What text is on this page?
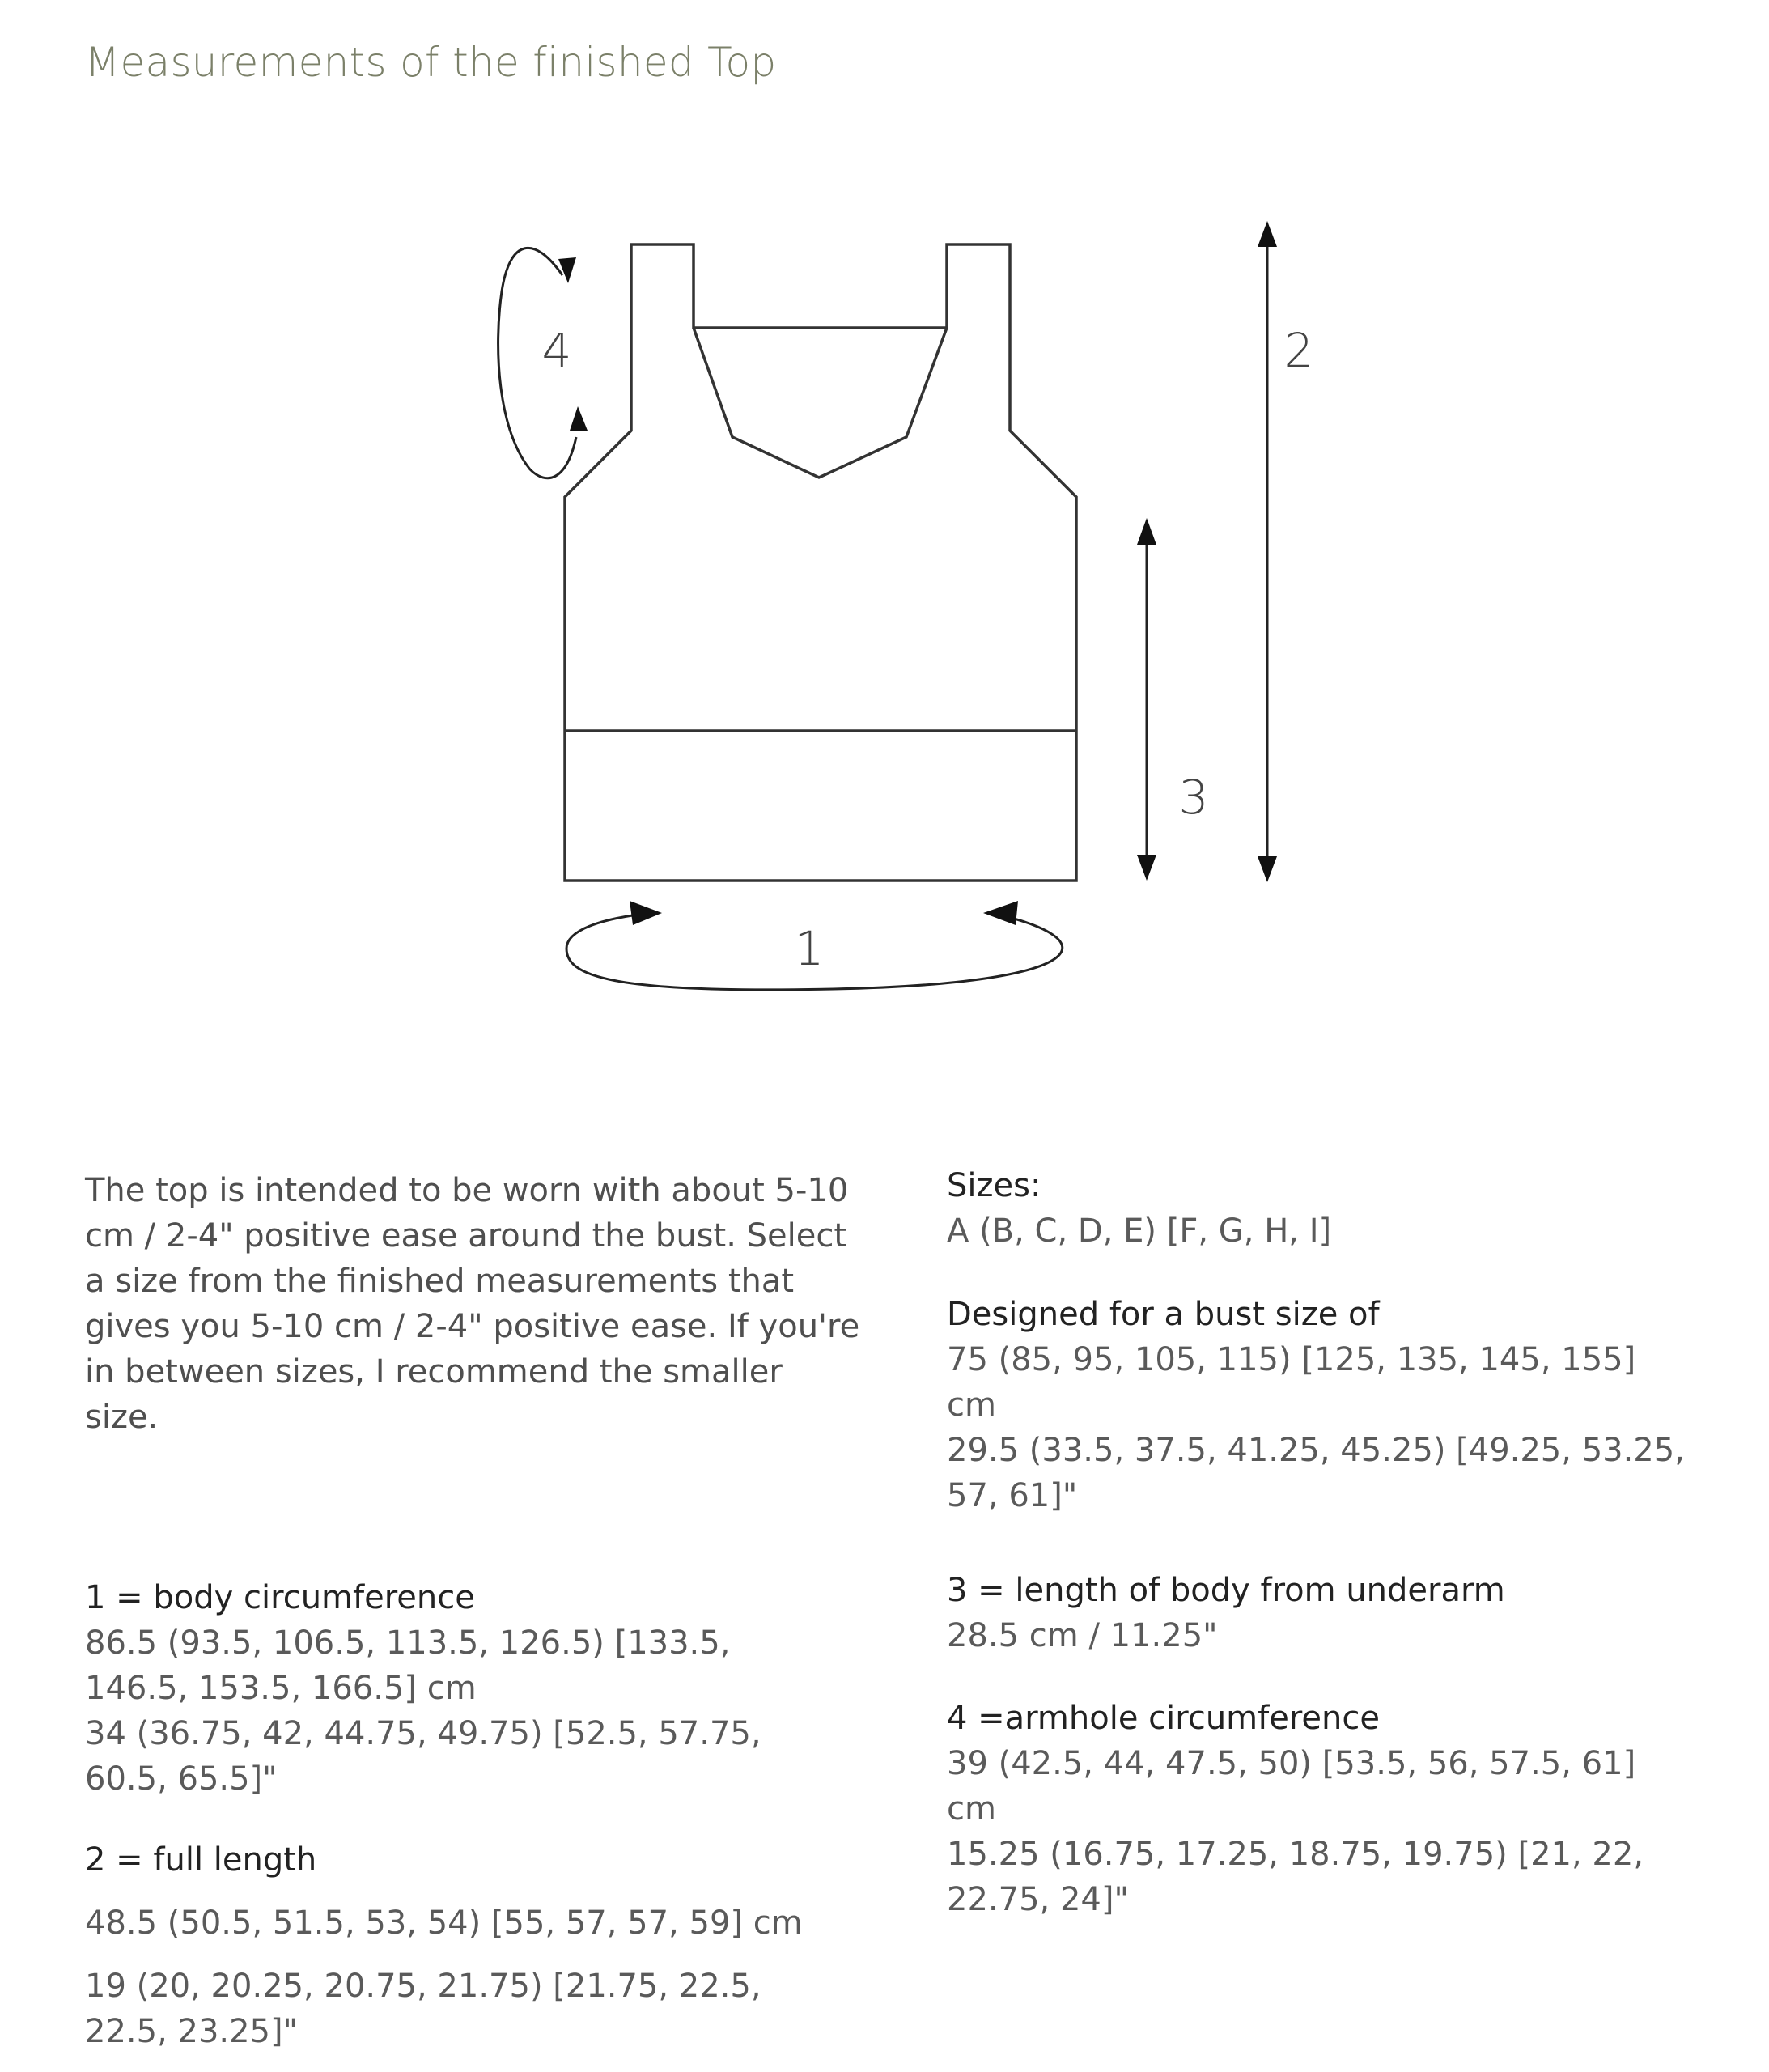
Measurements of the finished Top
1
2
3
4
The top is intended to be worn with about 5-10 cm / 2-4" positive ease around the bust. Select a size from the finished measurements that gives you 5-10 cm / 2-4" positive ease. If you're in between sizes, I recommend the smaller size.
Sizes:
A (B, C, D, E) [F, G, H, I]
Designed for a bust size of
75 (85, 95, 105, 115) [125, 135, 145, 155] cm
29.5 (33.5, 37.5, 41.25, 45.25) [49.25, 53.25, 57, 61]"
1 = body circumference
86.5 (93.5, 106.5, 113.5, 126.5) [133.5, 146.5, 153.5, 166.5] cm
34 (36.75, 42, 44.75, 49.75) [52.5, 57.75, 60.5, 65.5]"
2 = full length
48.5 (50.5, 51.5, 53, 54) [55, 57, 57, 59] cm
19 (20, 20.25, 20.75, 21.75) [21.75, 22.5, 22.5, 23.25]"
3 = length of body from underarm
28.5 cm / 11.25"
4 =armhole circumference
39 (42.5, 44, 47.5, 50) [53.5, 56, 57.5, 61] cm
15.25 (16.75, 17.25, 18.75, 19.75) [21, 22, 22.75, 24]"
